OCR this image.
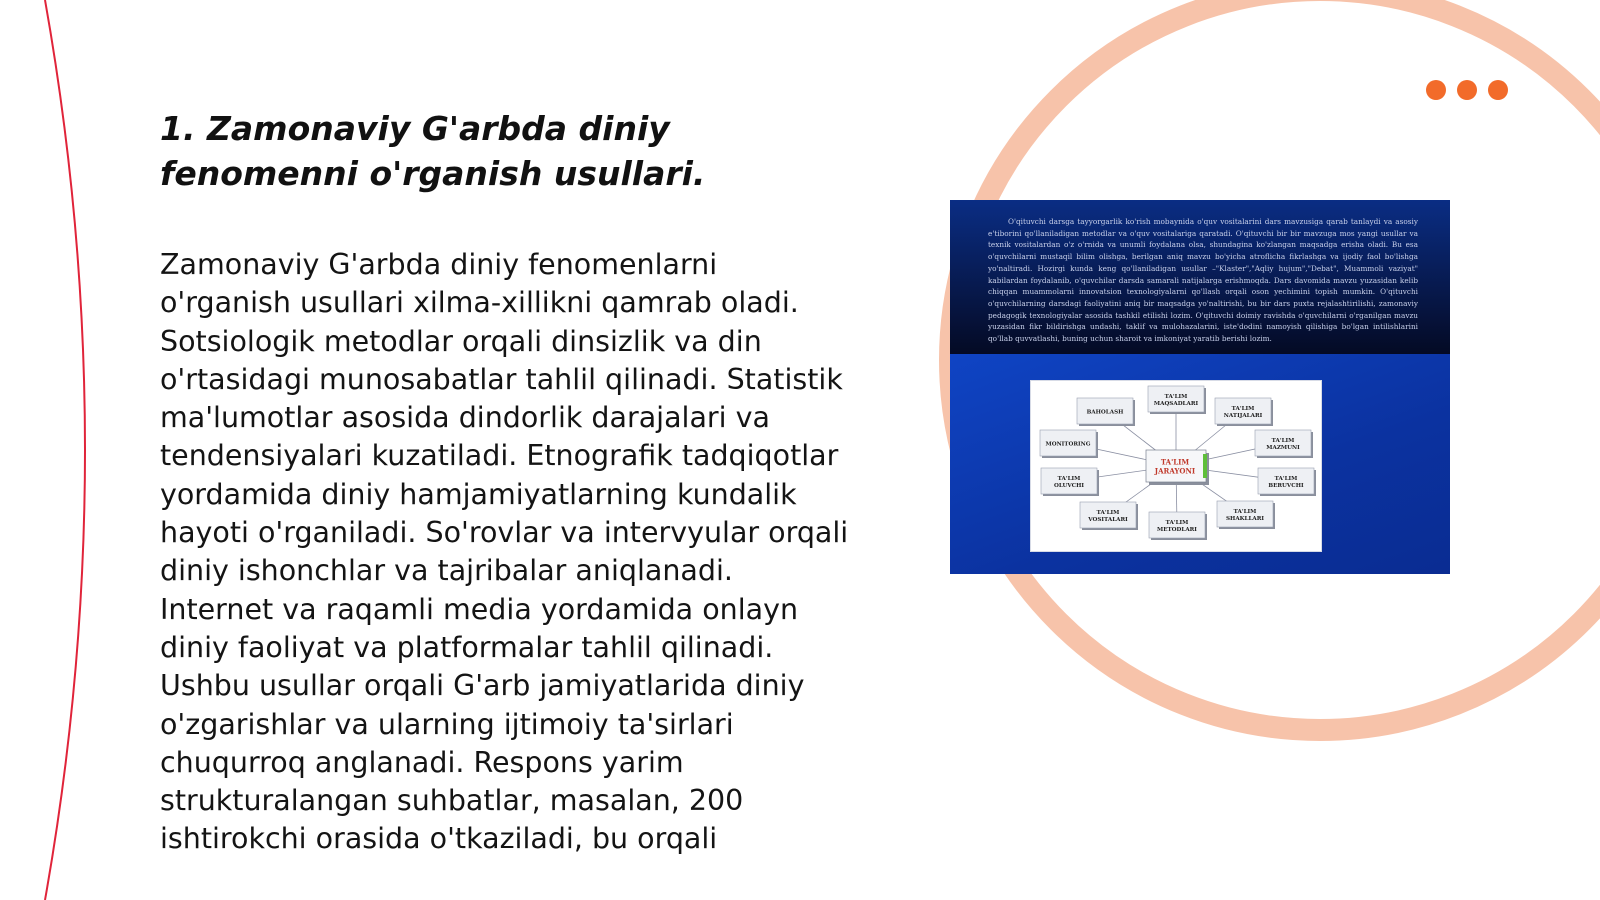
1. Zamonaviy G'arbda diniy fenomenni o'rganish usullari.

Zamonaviy G'arbda diniy fenomenlarni o'rganish usullari xilma-xillikni qamrab oladi. Sotsiologik metodlar orqali dinsizlik va din o'rtasidagi munosabatlar tahlil qilinadi. Statistik ma'lumotlar asosida dindorlik darajalari va tendensiyalari kuzatiladi. Etnografik tadqiqotlar yordamida diniy hamjamiyatlarning kundalik hayoti o'rganiladi. So'rovlar va intervyular orqali diniy ishonchlar va tajribalar aniqlanadi. Internet va raqamli media yordamida onlayn diniy faoliyat va platformalar tahlil qilinadi. Ushbu usullar orqali G'arb jamiyatlarida diniy o'zgarishlar va ularning ijtimoiy ta'sirlari chuqurroq anglanadi. Respons yarim strukturalangan suhbatlar, masalan, 200 ishtirokchi orasida o'tkaziladi, bu orqali

O'qituvchi darsga tayyorgarlik ko'rish mobaynida o'quv vositalarini dars mavzusiga qarab tanlaydi va asosiy e'tiborini qo'llaniladigan metodlar va o'quv vositalariga qaratadi. O'qituvchi bir bir mavzuga mos yangi usullar va texnik vositalardan o'z o'rnida va unumli foydalana olsa, shundagina ko'zlangan maqsadga erisha oladi. Bu esa o'quvchilarni mustaqil bilim olishga, berilgan aniq mavzu bo'yicha atroflicha fikrlashga va ijodiy faol bo'lishga yo'naltiradi. Hozirgi kunda keng qo'llaniladigan usullar –"Klaster","Aqliy hujum","Debat", Muammoli vaziyat" kabilardan foydalanib, o'quvchilar darsda samarali natijalarga erishmoqda. Dars davomida mavzu yuzasidan kelib chiqqan muammolarni innovatsion texnologiyalarni qo'llash orqali oson yechimini topish mumkin. O'qituvchi o'quvchilarning darsdagi faoliyatini aniq bir maqsadga yo'naltirishi, bu bir dars puxta rejalashtirilishi, zamonaviy pedagogik texnologiyalar asosida tashkil etilishi lozim. O'qituvchi doimiy ravishda o'quvchilarni o'rganilgan mavzu yuzasidan fikr bildirishga undashi, taklif va mulohazalarini, iste'dodini namoyish qilishiga bo'lgan intilishlarini qo'llab quvvatlashi, buning uchun sharoit va imkoniyat yaratib berishi lozim.

TA'LIM
MAQSADLARI
TA'LIM
NATIJALARI
TA'LIM
MAZMUNI
TA'LIM
BERUVCHI
TA'LIM
SHAKLLARI
TA'LIM
METODLARI
TA'LIM
VOSITALARI
TA'LIM
OLUVCHI
MONITORING
BAHOLASH
TA'LIM
JARAYONI
